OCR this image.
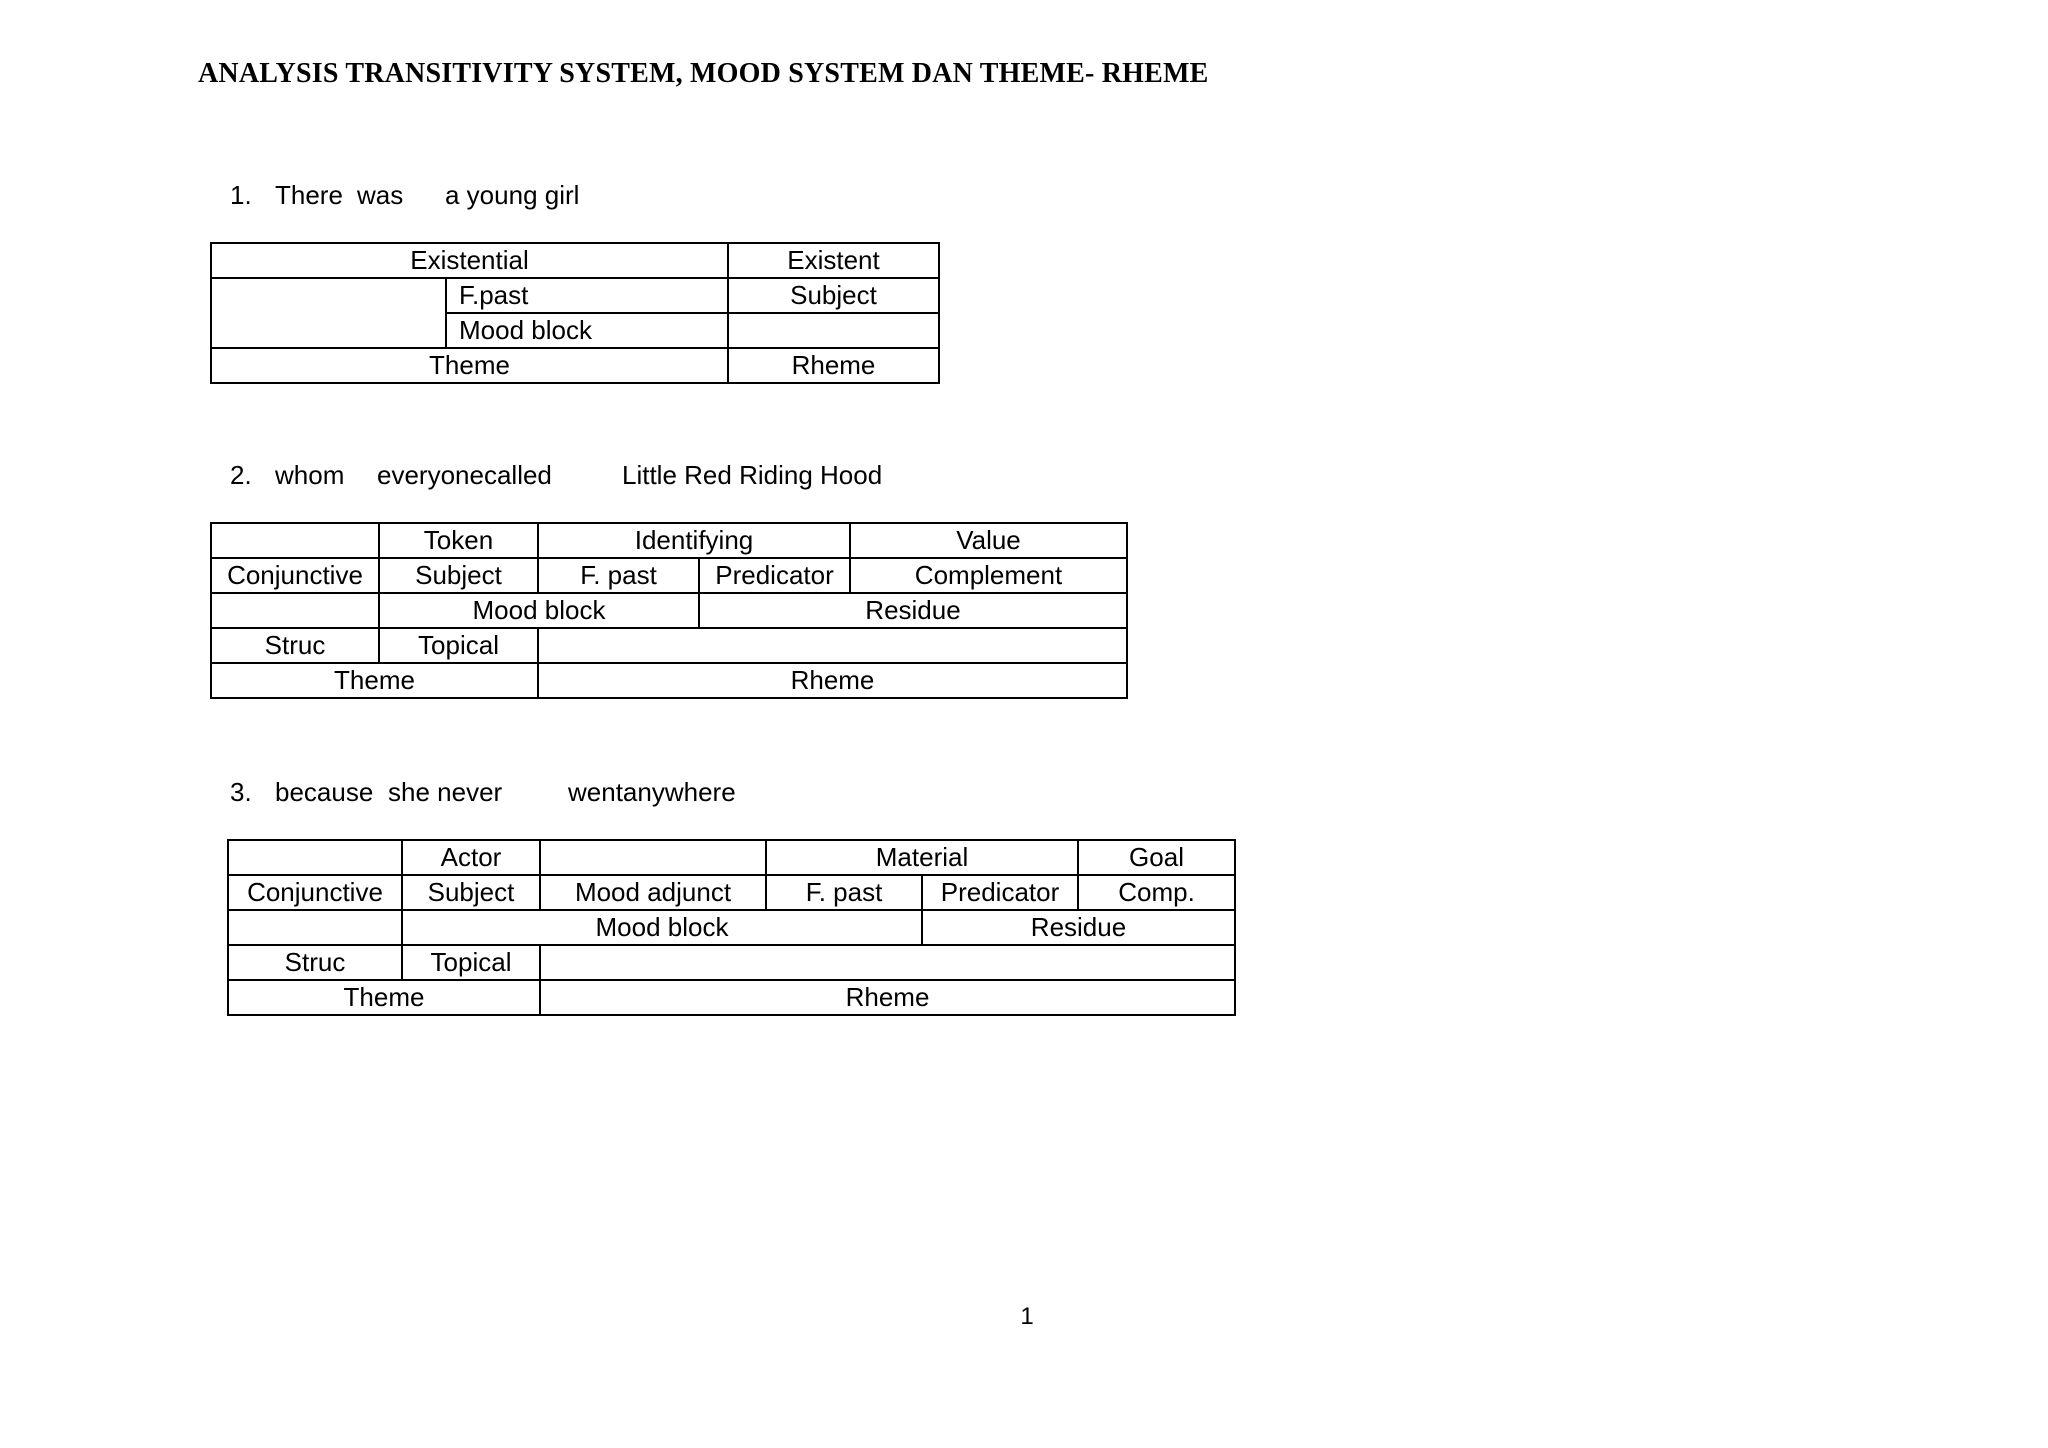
ANALYSIS TRANSITIVITY SYSTEM, MOOD SYSTEM DAN THEME- RHEME

1.

There

was

a young girl

Existential		Existent
	F.past	Subject
	Mood block	
Theme		Rheme

2.

whom

everyonecalled

	Little Red Riding Hood

	Token	Identifying		Value
Conjunctive	Subject	F. past	Predicator	Complement
	Mood block		Residue	
Struc	Topical			
Theme		Rheme		

3.

because

she never

	wentanywhere

	Actor		Material		Goal
Conjunctive	Subject	Mood adjunct	F. past	Predicator	Comp.
	Mood block			Residue	
Struc	Topical				
Theme		Rheme			
1
